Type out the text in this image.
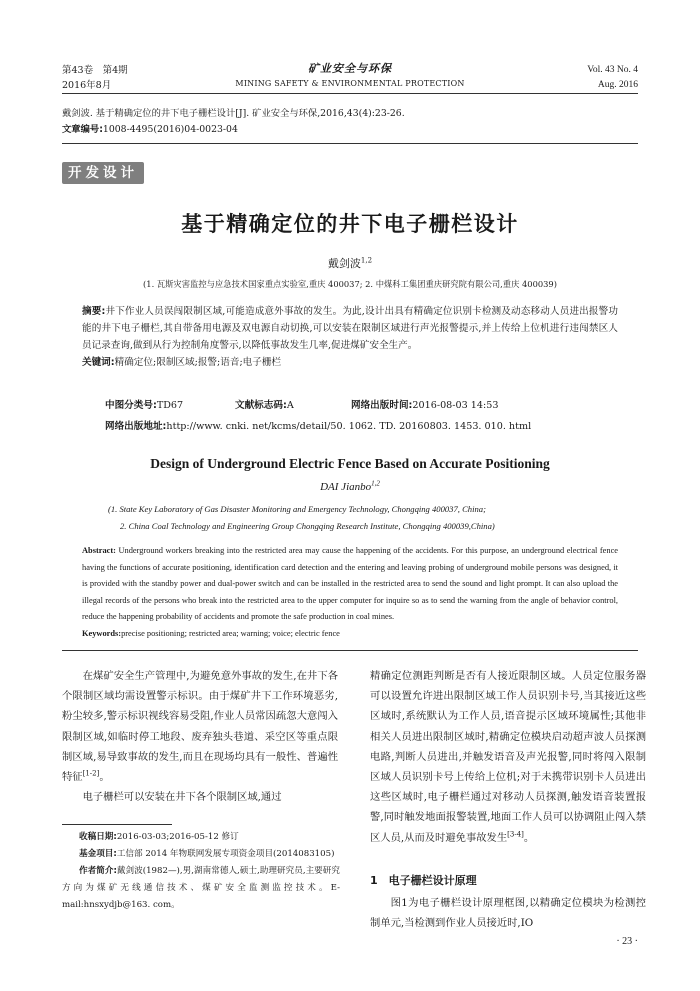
第43卷　第4期
2016年8月
矿业安全与环保
MINING SAFETY & ENVIRONMENTAL PROTECTION
Vol. 43 No. 4
Aug. 2016
戴剑波. 基于精确定位的井下电子栅栏设计[J]. 矿业安全与环保,2016,43(4):23-26.
文章编号:1008-4495(2016)04-0023-04
开发设计
基于精确定位的井下电子栅栏设计
戴剑波$^{1,2}$
(1. 瓦斯灾害监控与应急技术国家重点实验室,重庆 400037; 2. 中煤科工集团重庆研究院有限公司,重庆 400039)
摘要:井下作业人员误闯限制区域,可能造成意外事故的发生。为此,设计出具有精确定位识别卡检测及动态移动人员进出报警功能的井下电子栅栏,其自带备用电源及双电源自动切换,可以安装在限制区域进行声光报警提示,并上传给上位机进行违闯禁区人员记录查询,做到从行为控制角度警示,以降低事故发生几率,促进煤矿安全生产。
关键词:精确定位;限制区域;报警;语音;电子栅栏
中图分类号:TD67	文献标志码:A	网络出版时间:2016-08-03 14:53
网络出版地址:http://www. cnki. net/kcms/detail/50. 1062. TD. 20160803. 1453. 010. html
Design of Underground Electric Fence Based on Accurate Positioning
DAI Jianbo$^{1,2}$
(1. State Key Laboratory of Gas Disaster Monitoring and Emergency Technology, Chongqing 400037, China;
2. China Coal Technology and Engineering Group Chongqing Research Institute, Chongqing 400039,China)
Abstract: Underground workers breaking into the restricted area may cause the happening of the accidents. For this purpose, an underground electrical fence having the functions of accurate positioning, identification card detection and the entering and leaving probing of underground mobile persons was designed, it is provided with the standby power and dual-power switch and can be installed in the restricted area to send the sound and light prompt. It can also upload the illegal records of the persons who break into the restricted area to the upper computer for inquire so as to send the warning from the angle of behavior control, reduce the happening probability of accidents and promote the safe production in coal mines.
Keywords:precise positioning; restricted area; warning; voice; electric fence

在煤矿安全生产管理中,为避免意外事故的发生,在井下各个限制区域均需设置警示标识。由于煤矿井下工作环境恶劣,粉尘较多,警示标识视线容易受阻,作业人员常因疏忽大意闯入限制区域,如临时停工地段、废弃独头巷道、采空区等重点限制区域,易导致事故的发生,而且在现场均具有一般性、普遍性特征[1-2]。

电子栅栏可以安装在井下各个限制区域,通过

收稿日期:2016-03-03;2016-05-12 修订
基金项目:工信部 2014 年物联网发展专项资金项目(2014083105)
作者简介:戴剑波(1982—),男,湖南常德人,硕士,助理研究员,主要研究方向为煤矿无线通信技术、煤矿安全监测监控技术。E-mail:hnsxydjb@163. com。

精确定位测距判断是否有人接近限制区域。人员定位服务器可以设置允许进出限制区域工作人员识别卡号,当其接近这些区域时,系统默认为工作人员,语音提示区域环境属性;其他非相关人员进出限制区域时,精确定位模块启动超声波人员探测电路,判断人员进出,并触发语音及声光报警,同时将闯入限制区域人员识别卡号上传给上位机;对于未携带识别卡人员进出这些区域时,电子栅栏通过对移动人员探测,触发语音装置报警,同时触发地面报警装置,地面工作人员可以协调阻止闯入禁区人员,从而及时避免事故发生[3-4]。

1　电子栅栏设计原理

图1为电子栅栏设计原理框图,以精确定位模块为检测控制单元,当检测到作业人员接近时,IO

· 23 ·
